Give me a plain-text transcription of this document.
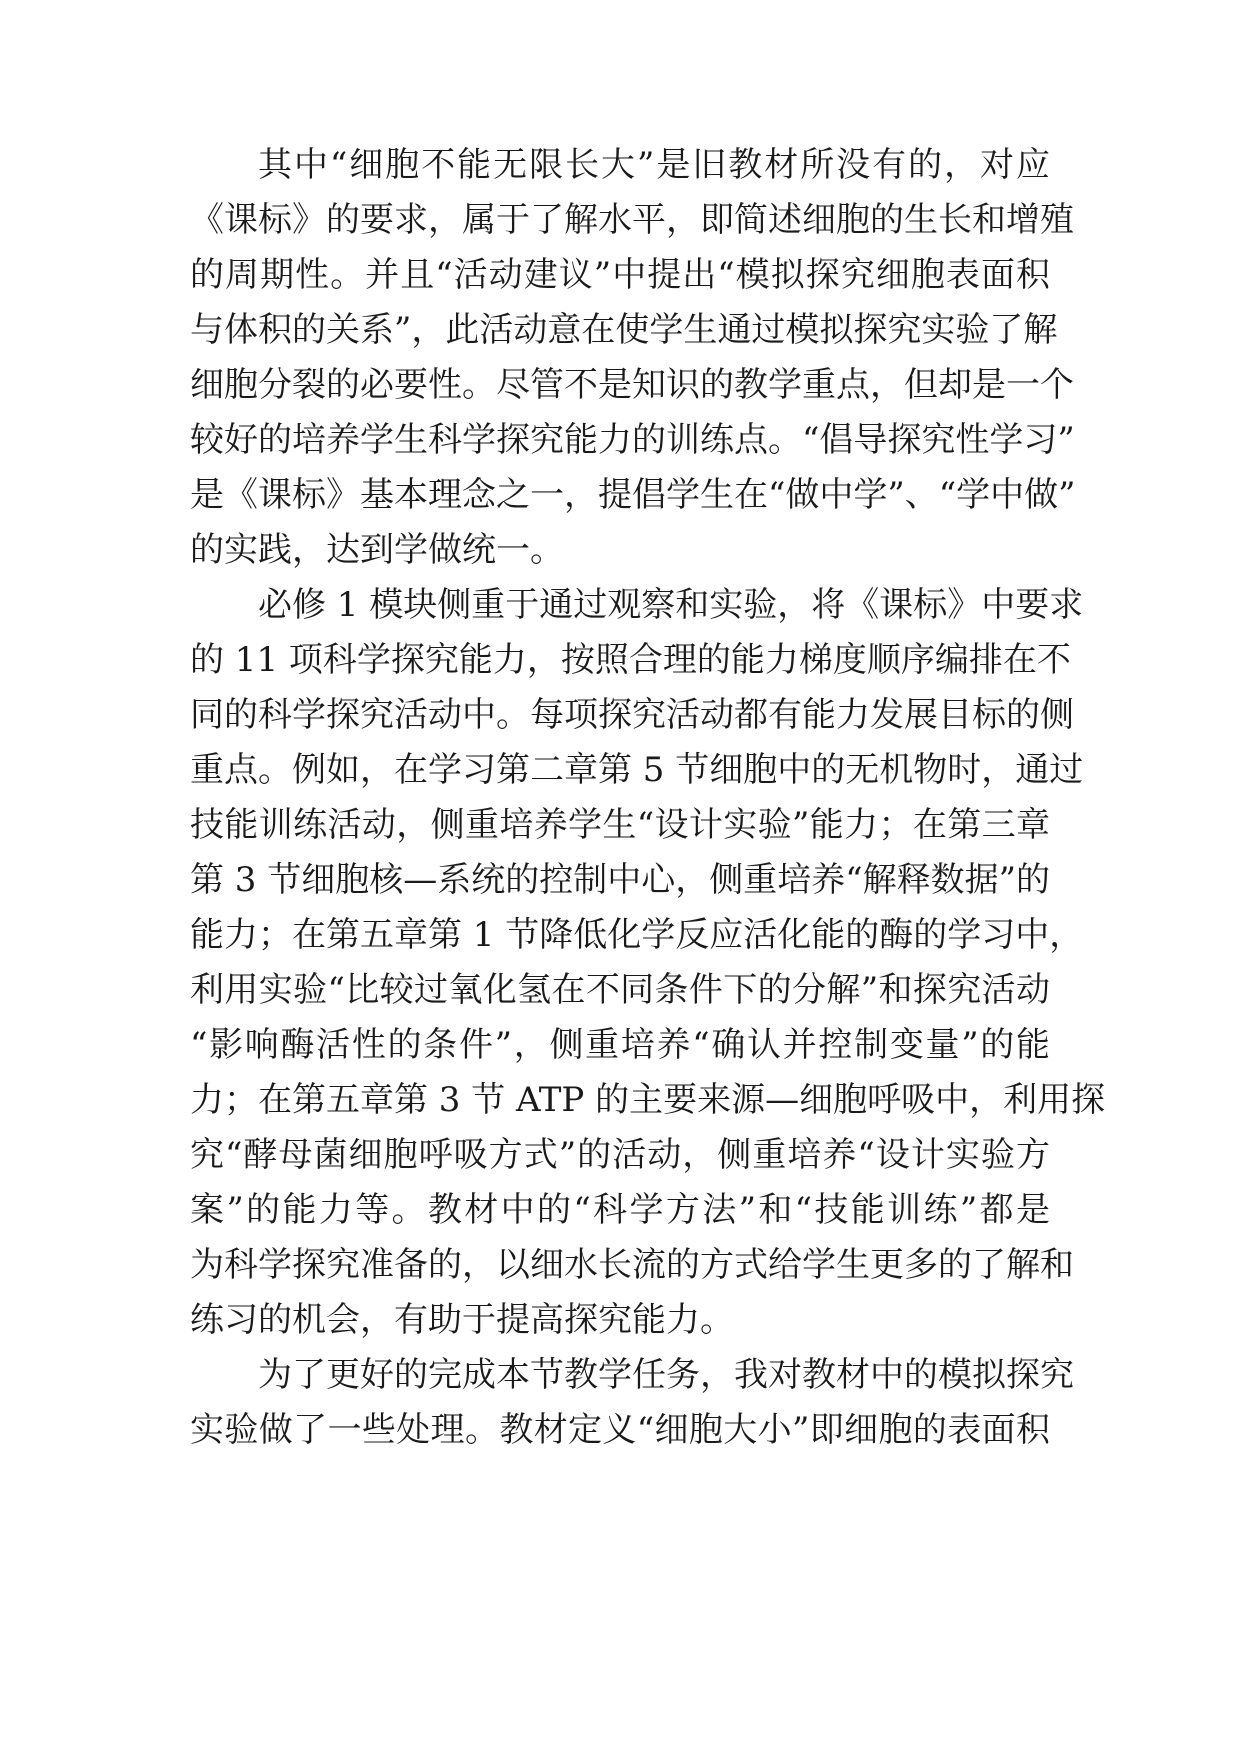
其中“细胞不能无限长大”是旧教材所没有的，对应
《课标》的要求，属于了解水平，即简述细胞的生长和增殖
的周期性。并且“活动建议”中提出“模拟探究细胞表面积
与体积的关系”，此活动意在使学生通过模拟探究实验了解
细胞分裂的必要性。尽管不是知识的教学重点，但却是一个
较好的培养学生科学探究能力的训练点。“倡导探究性学习”
是《课标》基本理念之一，提倡学生在“做中学”、“学中做”
的实践，达到学做统一。
必修 1 模块侧重于通过观察和实验，将《课标》中要求
的 11 项科学探究能力，按照合理的能力梯度顺序编排在不
同的科学探究活动中。每项探究活动都有能力发展目标的侧
重点。例如，在学习第二章第 5 节细胞中的无机物时，通过
技能训练活动，侧重培养学生“设计实验”能力；在第三章
第 3 节细胞核—系统的控制中心，侧重培养“解释数据”的
能力；在第五章第 1 节降低化学反应活化能的酶的学习中，
利用实验“比较过氧化氢在不同条件下的分解”和探究活动
“影响酶活性的条件”，侧重培养“确认并控制变量”的能
力；在第五章第 3 节 ATP 的主要来源—细胞呼吸中，利用探
究“酵母菌细胞呼吸方式”的活动，侧重培养“设计实验方
案”的能力等。教材中的“科学方法”和“技能训练”都是
为科学探究准备的，以细水长流的方式给学生更多的了解和
练习的机会，有助于提高探究能力。
为了更好的完成本节教学任务，我对教材中的模拟探究
实验做了一些处理。教材定义“细胞大小”即细胞的表面积
